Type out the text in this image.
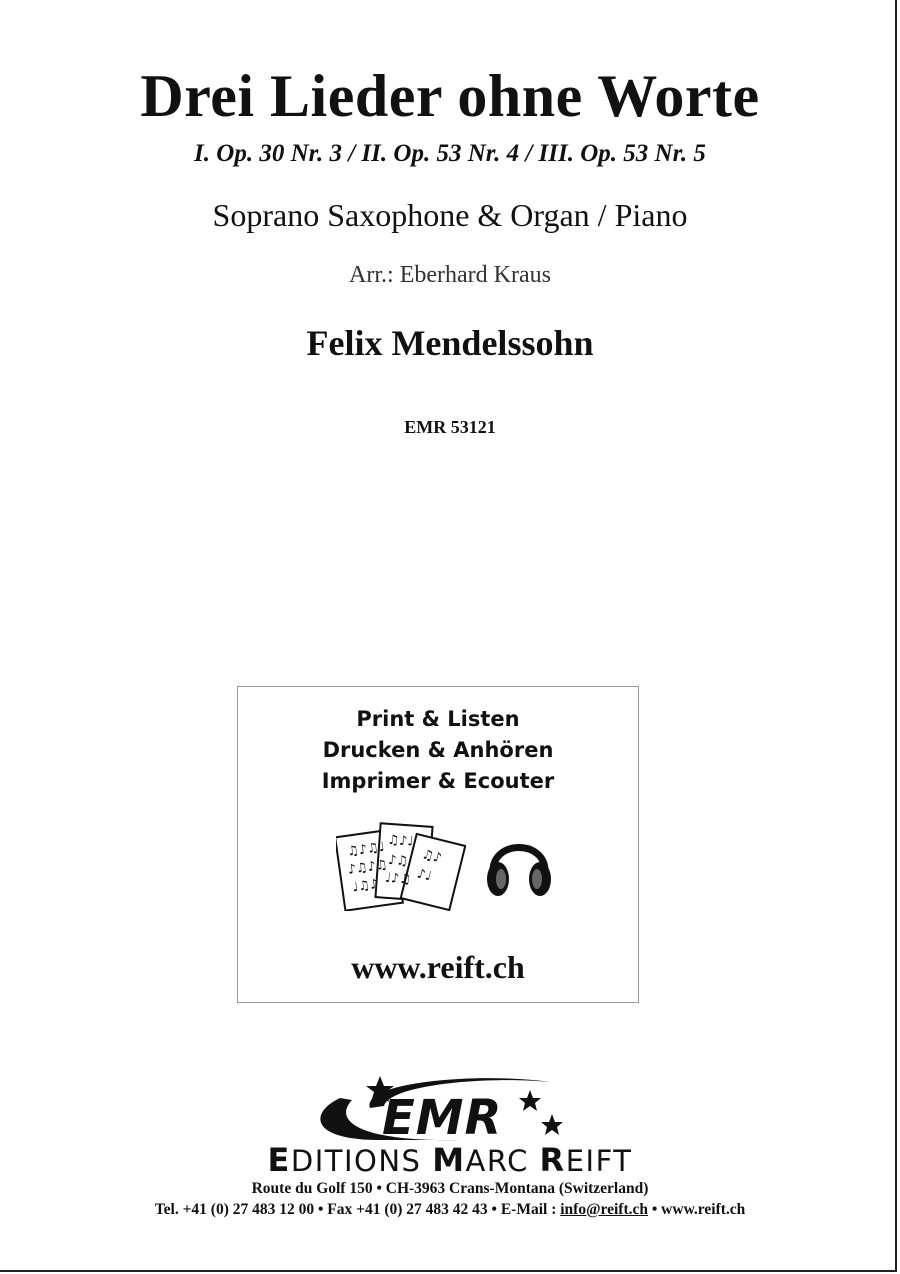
Drei Lieder ohne Worte
I. Op. 30 Nr. 3 / II. Op. 53 Nr. 4 / III. Op. 53 Nr. 5
Soprano Saxophone & Organ / Piano
Arr.: Eberhard Kraus
Felix Mendelssohn
EMR 53121
Print & Listen
Drucken & Anhören
Imprimer & Ecouter
♫♪♫♩
♪♫♪♫
♩♫♪
♫♪♩
♪♫
♩♪♫
♫♪
♪♩
www.reift.ch
EMR
EDITIONS MARC REIFT
Route du Golf 150 • CH-3963 Crans-Montana (Switzerland)
Tel. +41 (0) 27 483 12 00 • Fax +41 (0) 27 483 42 43 • E-Mail : info@reift.ch • www.reift.ch
